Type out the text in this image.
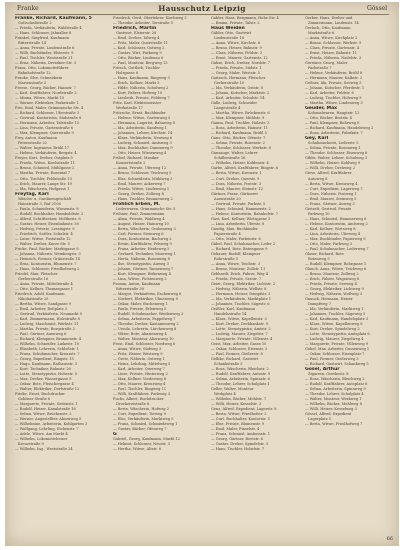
Franke	Hausschutz Leipzig	Gössel
Franke, Richard, Kaufmann, 5
Gottschedstraße 2
— Frieda, Verkäuferin, Waldstraße 4
— Hans, Schlosser, Jahnallee 8
Fränkel, Siegfried, Kaufmann
Ritterstraße 14
— Anna, Private, Lindenstraße 6
— Willi, Buchbinder, Elsterstr. 9
— Paul, Tischler, Weststraße 21
— Erna, Näherin, Dresdner Str. 3
Franz, Otto, Lokomotivführer
Bahnhofstraße 12
Frauke, Else, Schneiderin
Marienstraße 5
Freese, Georg, Bäcker, Hainstr. 7
— Karl, Kraftfahrer, Nordstraße 2
— Minna, Witwe, Markt 10
— Werner, Elektriker, Parkstraße 1
Frei, Emil, Maler, Grimmaische Str. 4
— Richard, Schlosser, Uferstraße 3
— Gertrud, Kontoristin, Südstraße 8
— Hermann, Arbeiter, Talstraße 15
— Lina, Private, Gartenstraße 6
— Max, Klempner, Querstraße 9
Frey, Anton, Kaufmann
Petersstraße 22
— Walter, Ingenieur, Brühl 17
— Helene, Verkäuferin, Bergstr. 4
Freyer, Kurt, Dreher, Ostplatz 5
— Frieda, Witwe, Kirchstraße 11
— Bruno, Schmied, Mühlgasse 2
— Martha, Private, Rosental 7
— Otto, Tischler, Feldstraße 13
— Erich, Maurer, Lange Str. 19
— Ida, Wäscherin, Hofgasse 1
Freytag, Karl
Wäsche- u. Gardinengeschäft
Hainstraße 3, Ruf 2106
— Paula, Schneiderin, Wiesenstr. 8
— Rudolf, Buchhalter, Humboldtstr. 2
— Alfred, Schriftsetzer, Moltkestr. 6
— Gustav, Heizer, Eisenbahnstr. 30
— Hedwig, Private, Lessingstr. 9
— Friedrich, Sattler, Schulstr. 4
— Luise, Witwe, Poststraße 12
— Walter, Dreher, Kurze Str. 5
Fricke, Paul, Bäcker, Marktgasse 8
— Johanna, Näherin, Weinbergstr. 3
— Heinrich, Former, Grünstraße 14
— Erna, Kontoristin, Blumenstr. 7
— Hans, Schlosser, Friedhofsweg 2
Friedel, Max, Fleischer
Gerberstraße 16
— Anna, Private, Mittelstraße 4
— Otto, Kellner, Thomasgasse 1
Friedrich, Adolf, Kaufmann
Nikolaistraße 25
— Bertha, Witwe, Sandgasse 9
— Emil, Arbeiter, Roßplatz 3
— Gertrud, Verkäuferin, Neumarkt 5
— Karl, Zimmermann, Holzstraße 8
— Ludwig, Maschinist, Werkstr. 11
— Martha, Private, Burgstraße 2
— Paul, Gärtner, Auenweg 6
— Richard, Klempner, Brunnenstr. 4
— Wilhelm, Schneider, Linkestr. 10
— Elisabeth, Lehrerin, Schloßstr. 1
— Franz, Schuhmacher, Kreuzstr. 7
— Georg, Expedient, Ringstr. 15
— Hugo, Kaufmann, Rathausstr. 3
— Kurt, Techniker, Bahnstr. 20
— Lotte, Stenotypistin, Hohestr. 5
— Max, Dreher, Wassergasse 9
— Oskar, Bote, Fleischergasse 4
— Walter, Elektriker, Dorfstraße 12
Frieke, Ernst, Buchdrucker
Gohliser Straße 6
— Margarete, Private, Seitenstr. 1
— Rudolf, Heizer, Kanalstraße 18
— Selma, Witwe, Brückenstr. 2
— Werner, Angestellter, Ahornweg 5
— Wilhelmine, Arbeiterin, Kohlgarten 3
— Wolfgang, Lehrling, Eichenstr. 7
— Adele, Witwe, Am Markt 4
— Wilhelm, Lokomotivheizer
Kreuzstraße 9
— Wilhelm, Ing., Weststraße 24
Friedrich, Gerd, Oberlehrer, Kirchweg 3
— Theodor, Arbeiter, Torstraße 5
Friedrich, Martin
Gastwirt, Elsterstr. 28
— Emil, Dreher, Talweg 4
— Fritz, Maler, Querstraße 11
— Karl, Schlosser, Ostweg 2
— Gustav, Wirt, Parkweg 9
— Otto, Bäcker, Lindenau 6
— Paul, Monteur, Bergweg 13
Fritsch, Gottlieb, Tischler
Holzgasse 8
— Hans, Kaufmann, Ringweg 3
— Erich, Kellner, Markt 5
— Hilde, Näherin, Schulweg 2
— Kurt, Fahrer, Hofweg 10
— Liesbeth, Private, Feldweg 7
Fritz, Karl, Elektromeister
Werkstraße 17
Fritzsche, Ernst, Buchbinder
— Helene, Witwe, Gartenweg 5
— Hermann, Lagerist, Bahnweg 8
— Ida, Arbeiterin, Sandweg 1
— Johannes, Lehrer, Kirchstr. 14
— Klara, Verkäuferin, Neuweg 6
— Ludwig, Schmied, Amtsweg 3
— Max, Buchhalter, Dammweg 9
— Otto, Heizer, Wiesenweg 4
Fröbel, Richard, Musiker
Konzertstraße 2
— Anna, Private, Uferweg 12
— Bruno, Schlosser, Teichweg 5
— Elsa, Schneiderin, Mühlweg 3
— Emil, Maurer, Ackerweg 7
— Frieda, Witwe, Lindenweg 1
— Georg, Dreher, Zollweg 8
— Hans, Tischler, Brunnenweg 2
Fröhlich Erben, M.
Lederwaren, Grimmaische Str. 5
Fröhner, Paul, Zimmermann
— Alma, Private, Waldweg 4
— August, Heizer, Hainweg 10
— Berta, Wäscherin, Grabenweg 3
— Carl, Former, Steinweg 6
— Dora, Kontoristin, Bachweg 2
— Erwin, Kraftfahrer, Felsweg 9
— Franz, Arbeiter, Heideweg 5
— Gerhard, Techniker, Moorweg 1
— Herta, Näherin, Rosenweg 8
— Ilse, Stenotypistin, Auweg 3
— Johann, Gärtner, Tannenweg 7
— Kurt, Klempner, Birkenweg 4
— Lina, Witwe, Fichtenweg 2
Fromm, Anton, Kaufmann
Ritterstraße 30
— Margot, Verkäuferin, Eschenweg 6
— Norbert, Elektriker, Ulmenweg 9
— Oskar, Maler, Buchenweg 1
— Paula, Private, Erlenweg 5
— Rudolf, Schuhmacher, Weidenweg 3
— Selma, Arbeiterin, Pappelweg 7
— Theodor, Dreher, Kastanienweg 2
— Ursula, Lehrerin, Lärchenweg 8
— Viktor, Bote, Akazienweg 4
— Walter, Monteur, Ahornweg 10
Frost, Emil, Schlosser, Nordweg 6
— Anna, Witwe, Südweg 3
— Fritz, Heizer, Westweg 9
— Grete, Näherin, Ostweg 1
— Heinz, Lehrling, Mittelweg 5
— Karl, Arbeiter, Querweg 7
— Liese, Private, Hinterweg 2
— Max, Kellner, Vorderweg 8
— Otto, Maurer, Kreuzweg 4
— Paul, Tischler, Ringweg 11
— Willi, Kraftfahrer, Parkweg 3
Fuchs, Albert, Buchdrucker
Druckereistraße 6
— Berta, Wäscherin, Hofweg 2
— Curt, Expedient, Torweg 9
— Else, Verkäuferin, Marktweg 5
— Franz, Schmied, Schmiedeweg 1
— Gustav, Bäcker, Ofenweg 7
G
Gabriel, Georg, Kaufmann, Markt 12
— Helmut, Schlosser, Neustr. 3
— Hertha, Witwe, Altstr. 8
Gabler, Hans, Bergmann, Hohe Str. 4
— Emma, Private, Talstr. 2
Haus Weiden
Gäbler, Otto, Gastwirt
Lindenstraße 18
— Anna, Witwe, Kirchstr. 6
— Bruno, Heizer, Bahnstr. 9
— Clara, Näherin, Feldstr. 3
— Ernst, Maurer, Gartenstr. 12
Gahse, Erich, Dreher, Nordstr. 7
— Frieda, Private, Südstr. 1
— Georg, Maler, Weststr. 5
Gaitzsch, Hermann, Fleischer
Gerberstraße 10
— Ida, Verkäuferin, Oststr. 8
— Johann, Kutscher, Marktstr. 2
— Karl, Arbeiter, Schulstr. 14
Galle, Ludwig, Schneider
Langestraße 4
— Martha, Witwe, Brückenstr. 6
— Max, Klempner, Mühlstr. 9
Gamm, Paul, Tischler, Holzstr. 3
— Rosa, Arbeiterin, Hainstr. 11
— Richard, Kaufmann, Brühl 5
Gans, Otto, Bäcker, Ofenstr. 7
— Selma, Private, Rosenstr. 2
— Theodor, Schlosser, Werkstr. 8
Gansauge, Walter, Lehrer
Schillerstraße 16
— Wilhelm, Heizer, Kohlenstr. 4
Garbe, Alfred, Kraftfahrer, Ringstr. 6
— Berta, Witwe, Kreuzstr. 1
— Curt, Dreher, Querstr. 9
— Dora, Näherin, Poststr. 3
— Emil, Maurer, Steinstr. 12
Gärtner, Franz, Gärtnerei
Auenstraße 20
— Gertrud, Private, Parkstr. 5
— Hans, Schmied, Hammerstr. 2
— Helene, Kontoristin, Bahnhofstr. 7
Gast, Karl, Kellner, Wirtsgasse 3
— Lina, Arbeiterin, Uferstr. 8
Gaudig, Max, Buchbinder
Papierstraße 4
— Otto, Maler, Farbenstr. 6
Gäbel, Paul, Schuhmacher, Leder 2
— Richard, Bote, Botengasse 9
Gebauer, Rudolf, Klempner
Rohrstraße 5
— Anna, Witwe, Teichstr. 3
— Bruno, Monteur, Zollstr. 11
Gebhardt, Erich, Fahrer, Weg 4
— Frieda, Private, Seestr. 7
Geier, Georg, Elektriker, Lichtstr. 2
— Hedwig, Näherin, Wollstr. 8
— Hermann, Heizer, Dampfstr. 5
— Ida, Verkäuferin, Marktplatz 1
— Johannes, Tischler, Sägestr. 6
Geißler, Karl, Kaufmann
Handelsstraße 14
— Klara, Witwe, Kapellenstr. 3
— Kurt, Dreher, Drehbankstr. 9
— Lotte, Stenotypistin, Amtstr. 2
— Ludwig, Maurer, Ziegelstr. 7
— Margarete, Private, Villenstr. 4
Geist, Max, Arbeiter, Gasse 10
— Oskar, Schlosser, Eisenstr. 3
— Paul, Former, Gießerstr. 8
Gelbke, Richard, Gastwirt
Schankstraße 5
— Rosa, Wäscherin, Bleichstr. 2
— Rudolf, Kraftfahrer, Autostr. 9
— Selma, Arbeiterin, Spinnstr. 6
— Theodor, Lehrer, Schulplatz 1
Geller, Walter, Monteur
Werkplatz 4
— Wilhelm, Bäcker, Mehlstr. 7
— Willi, Heizer, Kesselstr. 3
Genz, Alfred, Expedient, Lagerstr. 8
— Berta, Witwe, Friedhofstr. 2
— Curt, Buchhalter, Kontorstr. 5
— Else, Private, Blumenstr. 9
— Emil, Maler, Pinselstr. 4
— Franz, Schmied, Ambossstr. 1
— Georg, Gärtner, Beetstr. 6
— Gustav, Dreher, Spindelstr. 3
— Hans, Tischler, Hobelstr. 7
Gerber, Hans, Dreher und
Zimmermann, Lindenstr. 14
Gerlach, Otto, Kaufmann
Marktstraße 6
— Anna, Witwe, Kirchplatz 2
— Bruno, Schlosser, Werkstr. 9
— Clara, Private, Gartenstr. 4
— Ernst, Heizer, Bahnstr. 11
— Frieda, Näherin, Nadelstr. 3
Gerstner, Georg, Maler
Farbstraße 7
— Helene, Verkäuferin, Brühl 8
— Hermann, Maurer, Kalkstr. 2
Geßner, Ida, Private, Seeweg 5
— Johann, Kutscher, Pferdestr. 1
— Karl, Arbeiter, Feldstr. 6
— Ludwig, Tischler, Holzweg 9
— Martha, Witwe, Lindenweg 3
Geuder, Max
Kolonialwaren, Hauptstr. 12
— Otto, Bäcker, Brotstr. 4
— Paul, Klempner, Rohrweg 8
— Richard, Kaufmann, Handelsweg 2
— Rosa, Arbeiterin, Fabrikstr. 7
Gey, Karl
Schuhmacherei, Lederstr. 5
— Selma, Private, Rosenweg 1
— Theodor, Schlosser, Eisenweg 6
Gibbs, Walter, Lehrer, Schulweg 3
— Wilhelm, Heizer, Kohlweg 9
— Willi, Dreher, Drehweg 2
Giese, Alfred, Kraftfahrer
Autoweg 8
— Berta, Witwe, Kreuzweg 4
— Curt, Expedient, Lagerweg 7
— Dora, Näherin, Postweg 1
— Emil, Maurer, Steinweg 5
— Franz, Gärtner, Auweg 3
Gietzelt, Gertrud, Private
Parkweg 10
— Hans, Schmied, Hammerweg 6
— Helene, Kontoristin, Amtsweg 2
— Karl, Kellner, Wirtsweg 8
— Lina, Arbeiterin, Uferweg 4
— Max, Buchbinder, Papierweg 9
— Otto, Maler, Farbweg 3
— Paul, Schuhmacher, Lederweg 7
Glaser, Richard, Bote
Botenweg 5
— Rudolf, Klempner, Rohrgasse 1
Glauch, Anna, Witwe, Teichweg 6
— Bruno, Monteur, Zollweg 2
— Erich, Fahrer, Wagenweg 8
— Frieda, Private, Seeweg 4
— Georg, Elektriker, Lichtweg 9
— Hedwig, Näherin, Wollweg 3
Gnauck, Hermann, Heizer
Dampfweg 7
— Ida, Verkäuferin, Marktweg 1
— Johannes, Tischler, Sägeweg 5
— Karl, Kaufmann, Handelsplatz 3
— Klara, Witwe, Kapellenweg 8
— Kurt, Dreher, Spindelweg 2
— Lotte, Stenotypistin, Amtsplatz 6
— Ludwig, Maurer, Ziegelweg 4
— Margarete, Private, Villenweg 9
Göbel, Max, Arbeiter, Gassenweg 1
— Oskar, Schlosser, Eisenplatz 7
— Paul, Former, Gießerweg 3
— Richard, Gastwirt, Schankweg 5
Gösel, Arthur
Zigarren, Goethestr. 8
— Rosa, Wäscherin, Bleichweg 2
— Rudolf, Kraftfahrer, Autoplatz 6
— Selma, Arbeiterin, Spinnweg 9
— Theodor, Lehrer, Schulplatz 4
— Walter, Monteur, Werkweg 1
— Wilhelm, Bäcker, Mehlweg 8
— Willi, Heizer, Kesselweg 3
Gössel, Alfred, Expedient
Lagerplatz 5
— Berta, Witwe, Friedhofweg 7
66
